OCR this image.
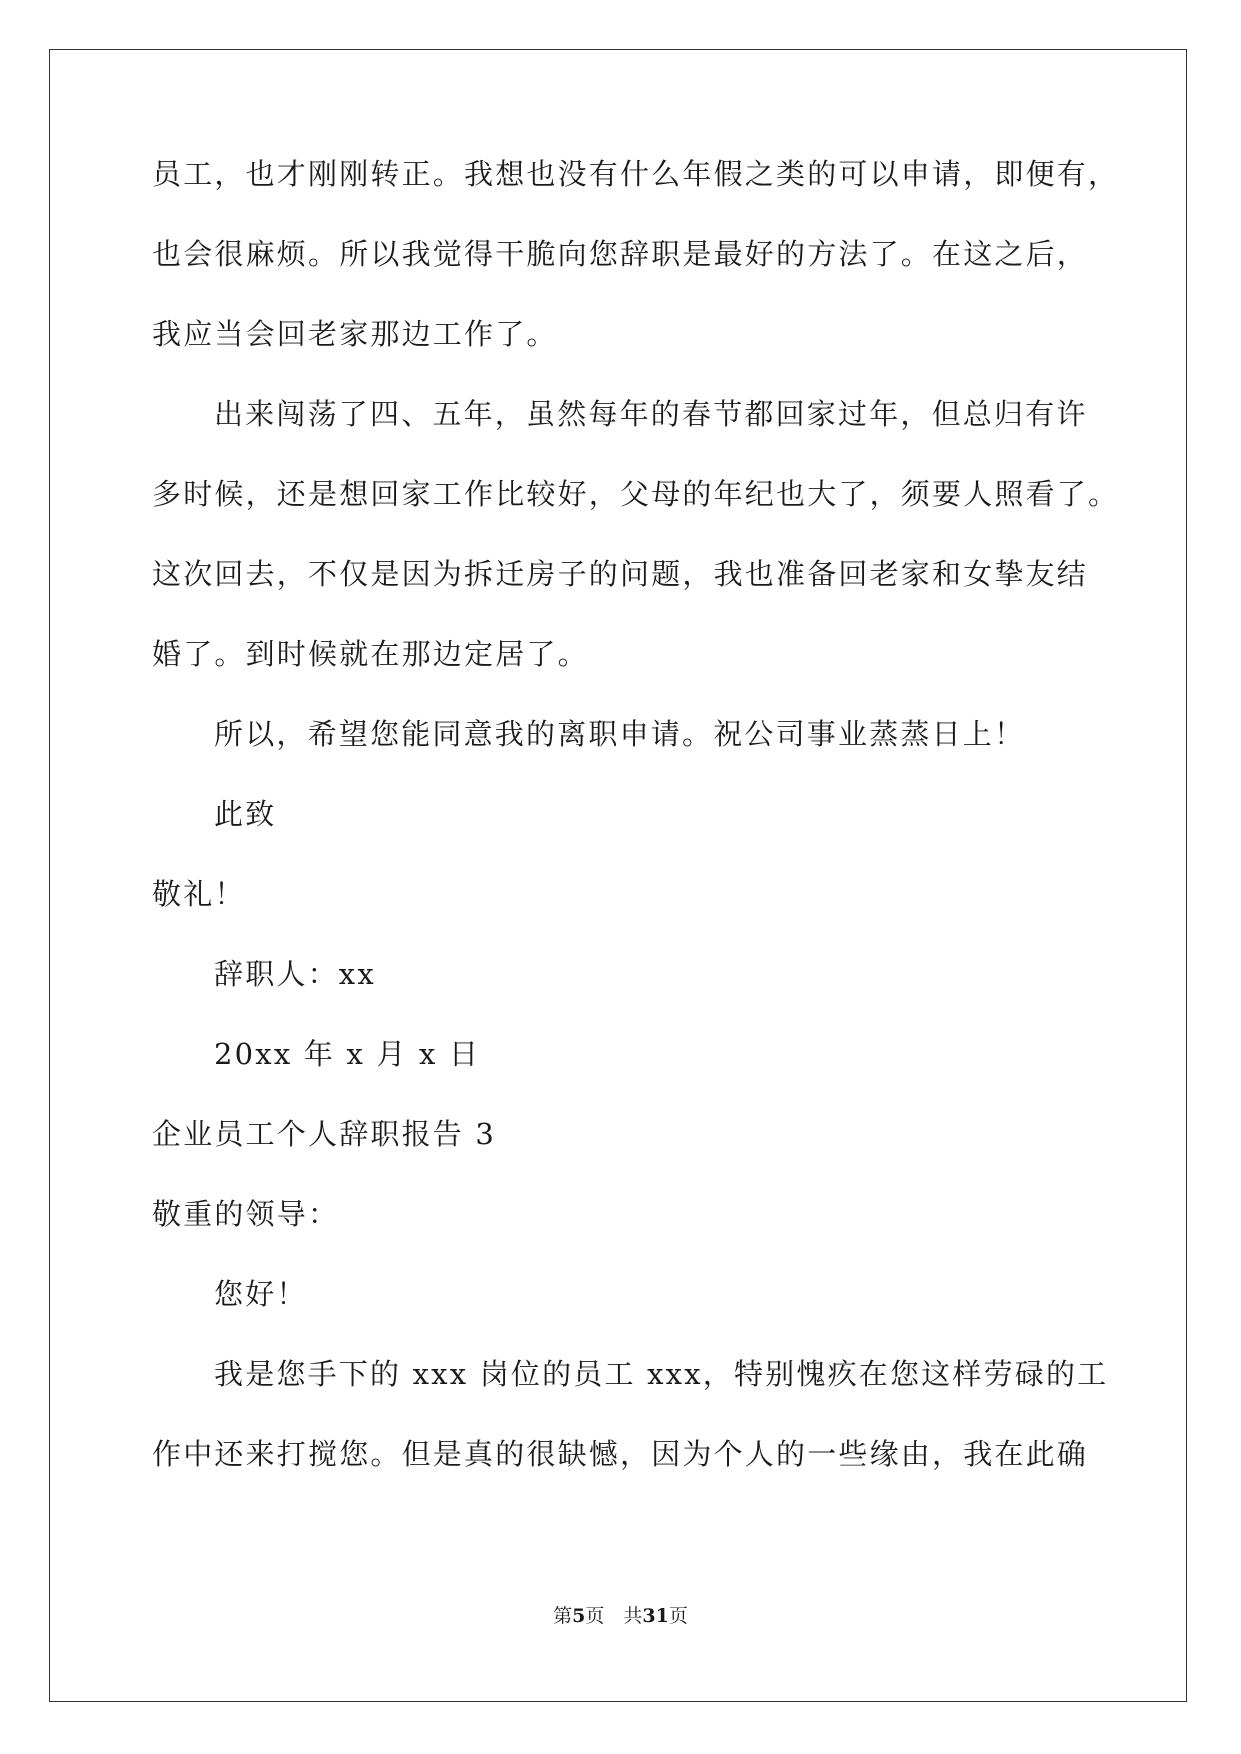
员工，也才刚刚转正。我想也没有什么年假之类的可以申请，即便有，
也会很麻烦。所以我觉得干脆向您辞职是最好的方法了。在这之后，
我应当会回老家那边工作了。
出来闯荡了四、五年，虽然每年的春节都回家过年，但总归有许
多时候，还是想回家工作比较好，父母的年纪也大了，须要人照看了。
这次回去，不仅是因为拆迁房子的问题，我也准备回老家和女挚友结
婚了。到时候就在那边定居了。
所以，希望您能同意我的离职申请。祝公司事业蒸蒸日上！
此致
敬礼！
辞职人：xx
20xx 年 x 月 x 日
企业员工个人辞职报告 3
敬重的领导：
您好！
我是您手下的 xxx 岗位的员工 xxx，特别愧疚在您这样劳碌的工
作中还来打搅您。但是真的很缺憾，因为个人的一些缘由，我在此确
第5页　共31页
